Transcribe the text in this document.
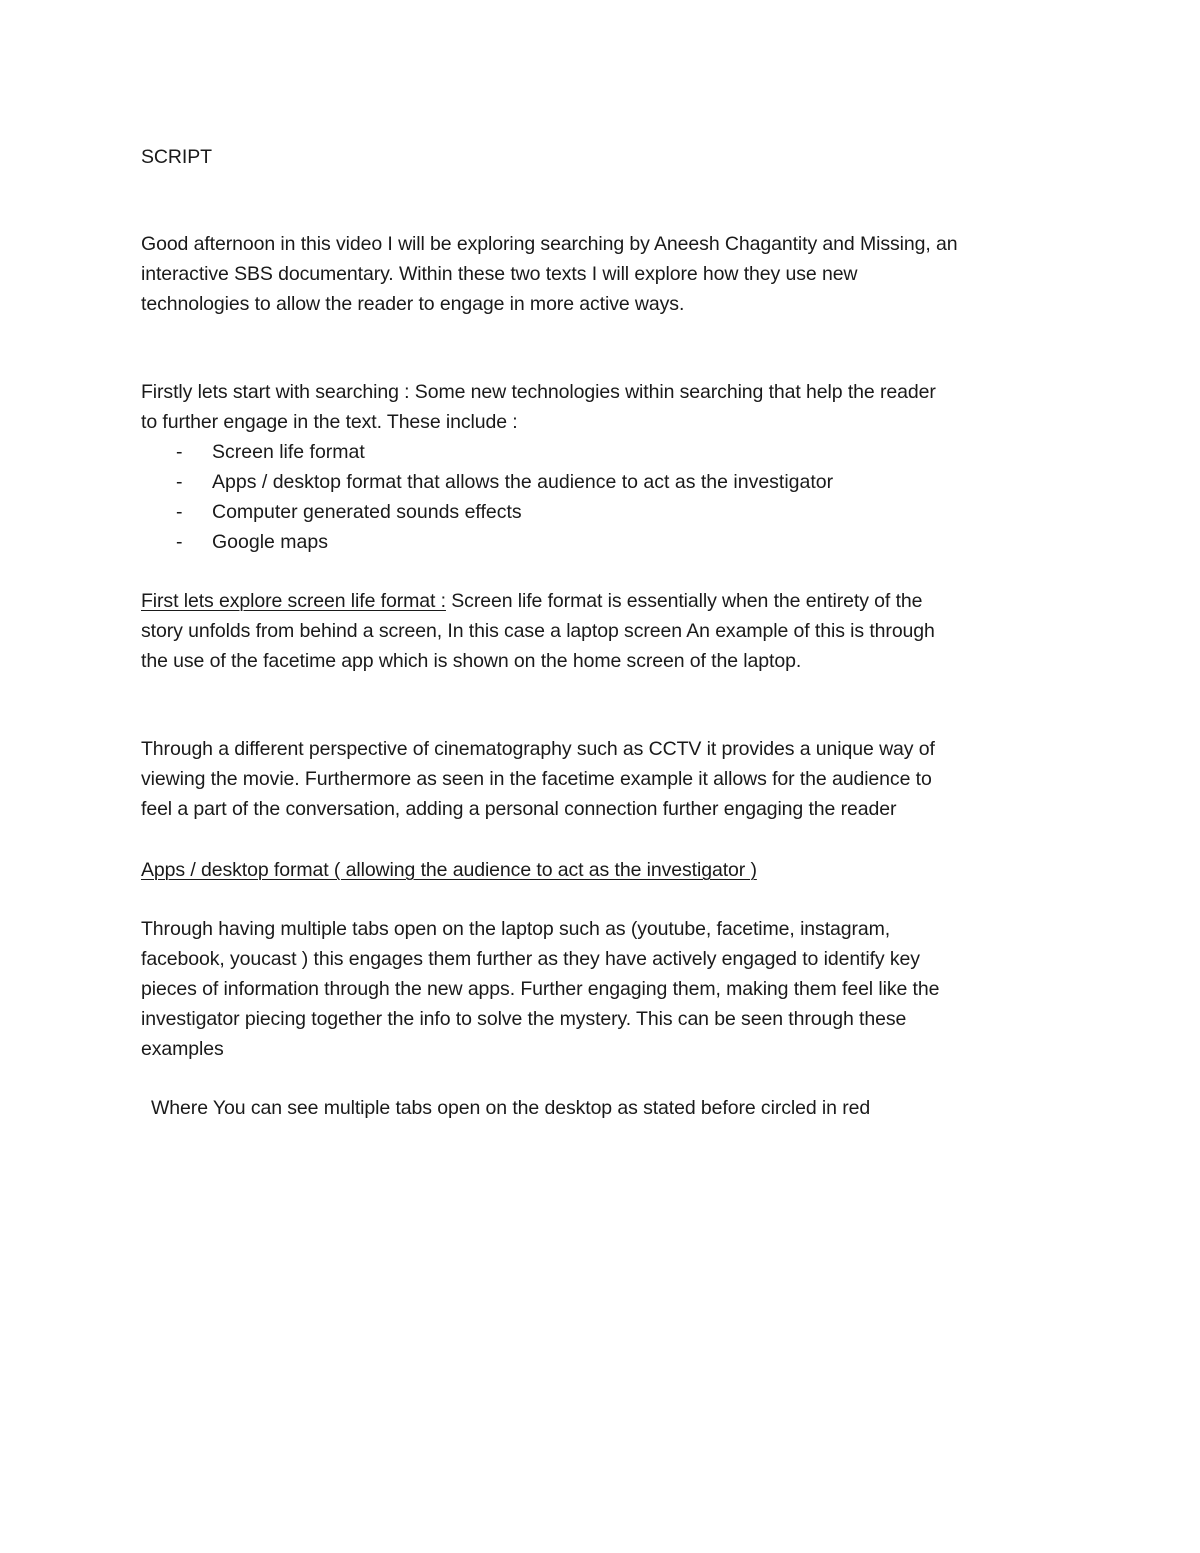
SCRIPT
Good afternoon in this video I will be exploring searching by Aneesh Chagantity and Missing, an
interactive SBS documentary. Within these two texts I will explore how they use new
technologies to allow the reader to engage in more active ways.
Firstly lets start with searching : Some new technologies within searching that help the reader
to further engage in the text. These include :
- Screen life format
- Apps / desktop format that allows the audience to act as the investigator
- Computer generated sounds effects
- Google maps
First lets explore screen life format : Screen life format is essentially when the entirety of the
story unfolds from behind a screen, In this case a laptop screen An example of this is through
the use of the facetime app which is shown on the home screen of the laptop.
Through a different perspective of cinematography such as CCTV it provides a unique way of
viewing the movie. Furthermore as seen in the facetime example it allows for the audience to
feel a part of the conversation, adding a personal connection further engaging the reader
Apps / desktop format ( allowing the audience to act as the investigator )
Through having multiple tabs open on the laptop such as (youtube, facetime, instagram,
facebook, youcast ) this engages them further as they have actively engaged to identify key
pieces of information through the new apps. Further engaging them, making them feel like the
investigator piecing together the info to solve the mystery. This can be seen through these
examples
Where You can see multiple tabs open on the desktop as stated before circled in red
